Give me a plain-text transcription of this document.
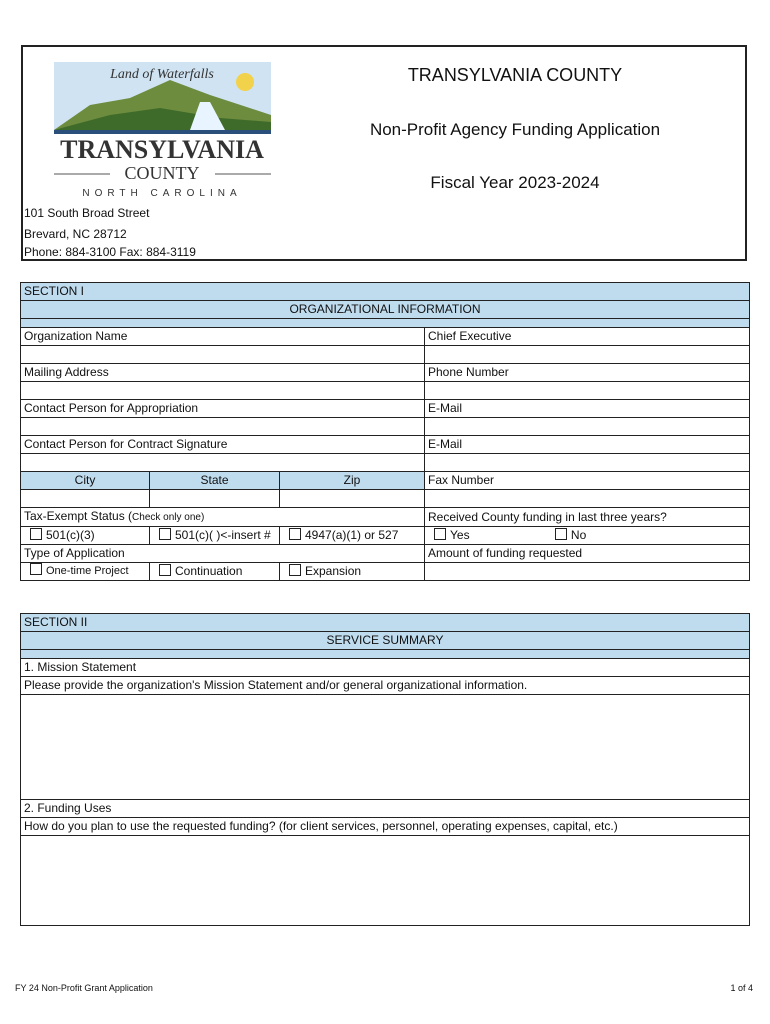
Land of Waterfalls
TRANSYLVANIA
COUNTY
NORTH CAROLINA
TRANSYLVANIA COUNTY
Non-Profit Agency Funding Application
Fiscal Year 2023-2024
101 South Broad Street
Brevard, NC 28712
Phone: 884-3100 Fax: 884-3119
SECTION I			
ORGANIZATIONAL INFORMATION			

Organization Name			Chief Executive

Mailing Address			Phone Number

Contact Person for Appropriation			E-Mail

Contact Person for Contract Signature			E-Mail

City	State	Zip	Fax Number

Tax-Exempt Status (Check only one)			Received County funding in last three years?
501(c)(3)	501(c)( )<-insert #	4947(a)(1) or 527	Yes No
Type of Application			Amount of funding requested
One-time Project	Continuation	Expansion	
SECTION II
SERVICE SUMMARY

1. Mission Statement
Please provide the organization's Mission Statement and/or general organizational information.

2. Funding Uses
How do you plan to use the requested funding? (for client services, personnel, operating expenses, capital, etc.)

FY 24 Non-Profit Grant Application	1 of 4
